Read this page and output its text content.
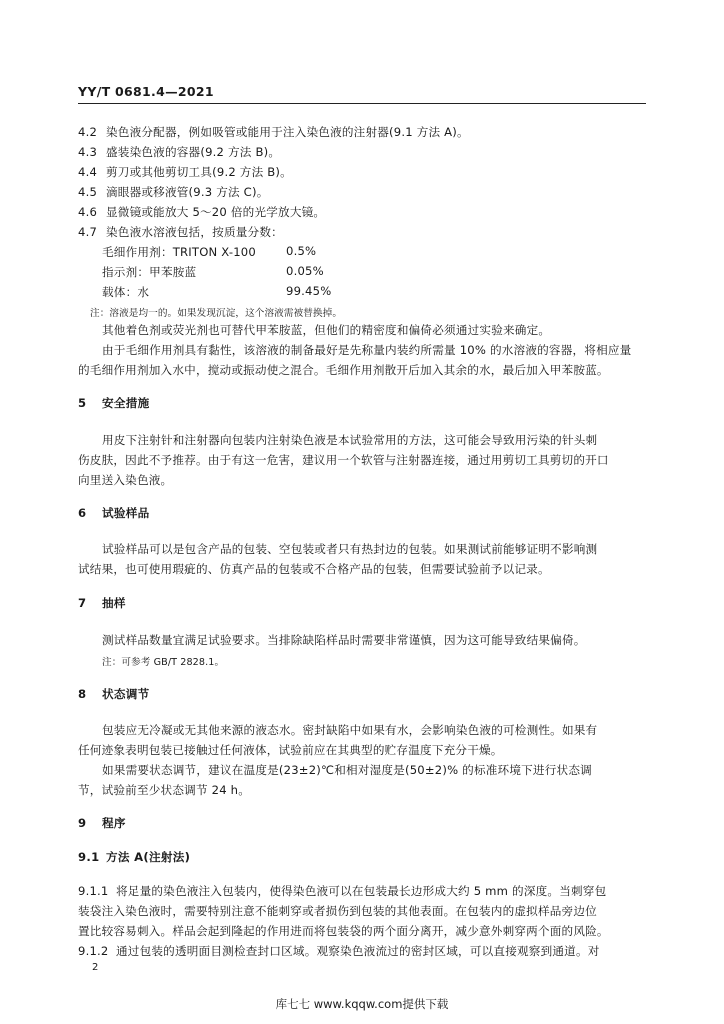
YY/T 0681.4—2021
4.2 染色液分配器，例如吸管或能用于注入染色液的注射器(9.1 方法 A)。
4.3 盛装染色液的容器(9.2 方法 B)。
4.4 剪刀或其他剪切工具(9.2 方法 B)。
4.5 滴眼器或移液管(9.3 方法 C)。
4.6 显微镜或能放大 5～20 倍的光学放大镜。
4.7 染色液水溶液包括，按质量分数：
毛细作用剂：TRITON X-100	0.5%
指示剂：甲苯胺蓝	0.05%
载体：水	99.45%
注：溶液是均一的。如果发现沉淀，这个溶液需被替换掉。
其他着色剂或荧光剂也可替代甲苯胺蓝，但他们的精密度和偏倚必须通过实验来确定。
由于毛细作用剂具有黏性，该溶液的制备最好是先称量内装约所需量 10% 的水溶液的容器，将相应量
的毛细作用剂加入水中，搅动或振动使之混合。毛细作用剂散开后加入其余的水，最后加入甲苯胺蓝。
5 安全措施
用皮下注射针和注射器向包装内注射染色液是本试验常用的方法，这可能会导致用污染的针头刺
伤皮肤，因此不予推荐。由于有这一危害，建议用一个软管与注射器连接，通过用剪切工具剪切的开口
向里送入染色液。
6 试验样品
试验样品可以是包含产品的包装、空包装或者只有热封边的包装。如果测试前能够证明不影响测
试结果，也可使用瑕疵的、仿真产品的包装或不合格产品的包装，但需要试验前予以记录。
7 抽样
测试样品数量宜满足试验要求。当排除缺陷样品时需要非常谨慎，因为这可能导致结果偏倚。
注：可参考 GB/T 2828.1。
8 状态调节
包装应无冷凝或无其他来源的液态水。密封缺陷中如果有水，会影响染色液的可检测性。如果有
任何迹象表明包装已接触过任何液体，试验前应在其典型的贮存温度下充分干燥。
如果需要状态调节，建议在温度是(23±2)℃和相对湿度是(50±2)% 的标准环境下进行状态调
节，试验前至少状态调节 24 h。
9 程序
9.1 方法 A(注射法)
9.1.1 将足量的染色液注入包装内，使得染色液可以在包装最长边形成大约 5 mm 的深度。当刺穿包
装袋注入染色液时，需要特别注意不能刺穿或者损伤到包装的其他表面。在包装内的虚拟样品旁边位
置比较容易刺入。样品会起到隆起的作用进而将包装袋的两个面分离开，减少意外刺穿两个面的风险。
9.1.2 通过包装的透明面目测检查封口区域。观察染色液流过的密封区域，可以直接观察到通道。对
2
库七七 www.kqqw.com提供下载
